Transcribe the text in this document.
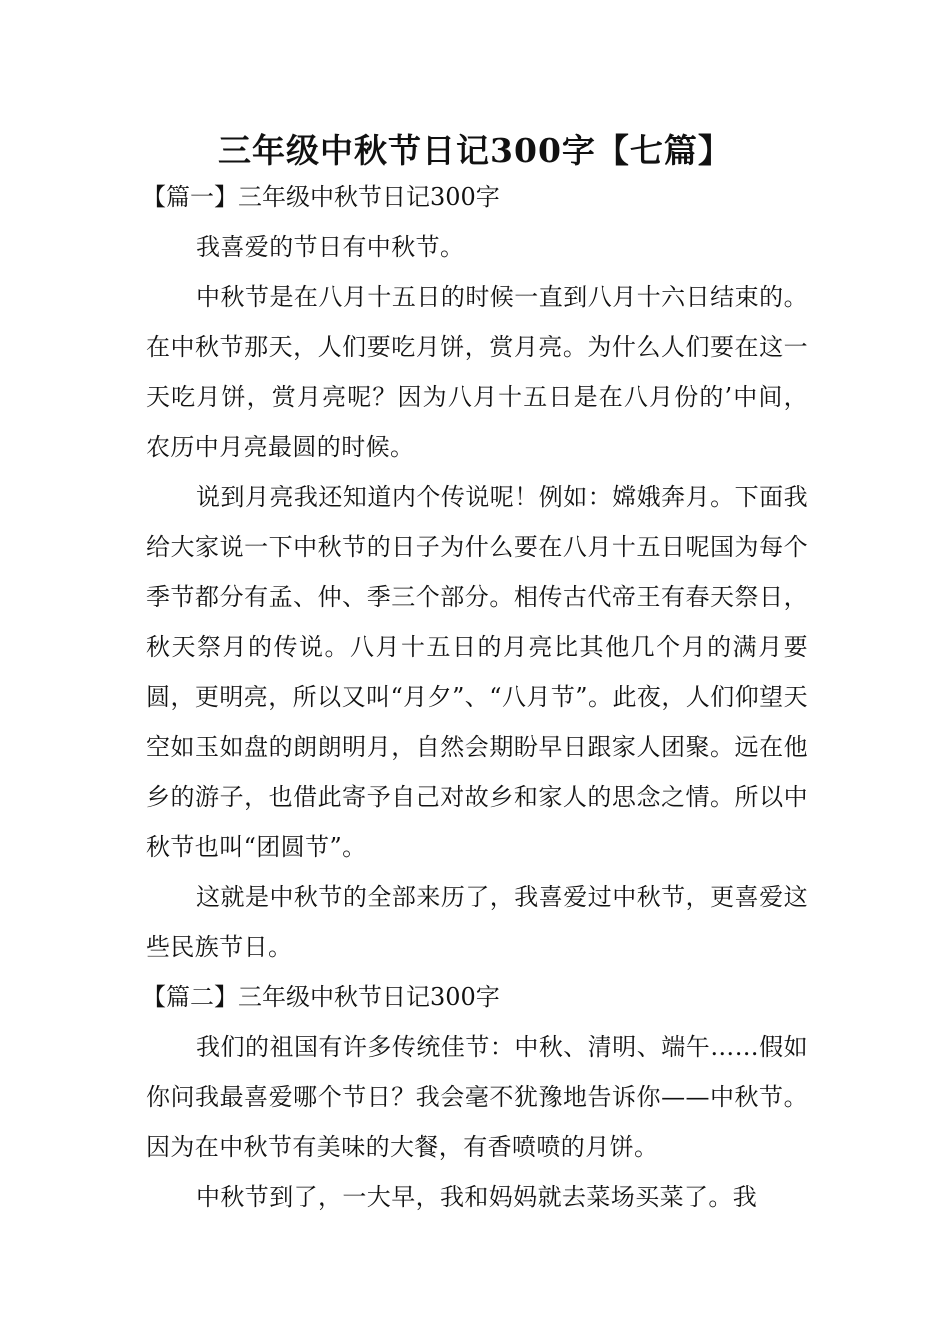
三年级中秋节日记300字【七篇】

【篇一】三年级中秋节日记300字

我喜爱的节日有中秋节。

中秋节是在八月十五日的时候一直到八月十六日结束的。在中秋节那天，人们要吃月饼，赏月亮。为什么人们要在这一天吃月饼，赏月亮呢？因为八月十五日是在八月份的’中间，农历中月亮最圆的时候。

说到月亮我还知道内个传说呢！例如：嫦娥奔月。下面我给大家说一下中秋节的日子为什么要在八月十五日呢国为每个季节都分有孟、仲、季三个部分。相传古代帝王有春天祭日，秋天祭月的传说。八月十五日的月亮比其他几个月的满月要圆，更明亮，所以又叫“月夕”、“八月节”。此夜，人们仰望天空如玉如盘的朗朗明月，自然会期盼早日跟家人团聚。远在他乡的游子，也借此寄予自己对故乡和家人的思念之情。所以中秋节也叫“团圆节”。

这就是中秋节的全部来历了，我喜爱过中秋节，更喜爱这些民族节日。

【篇二】三年级中秋节日记300字

我们的祖国有许多传统佳节：中秋、清明、端午……假如你问我最喜爱哪个节日？我会毫不犹豫地告诉你——中秋节。因为在中秋节有美味的大餐，有香喷喷的月饼。

中秋节到了，一大早，我和妈妈就去菜场买菜了。我
